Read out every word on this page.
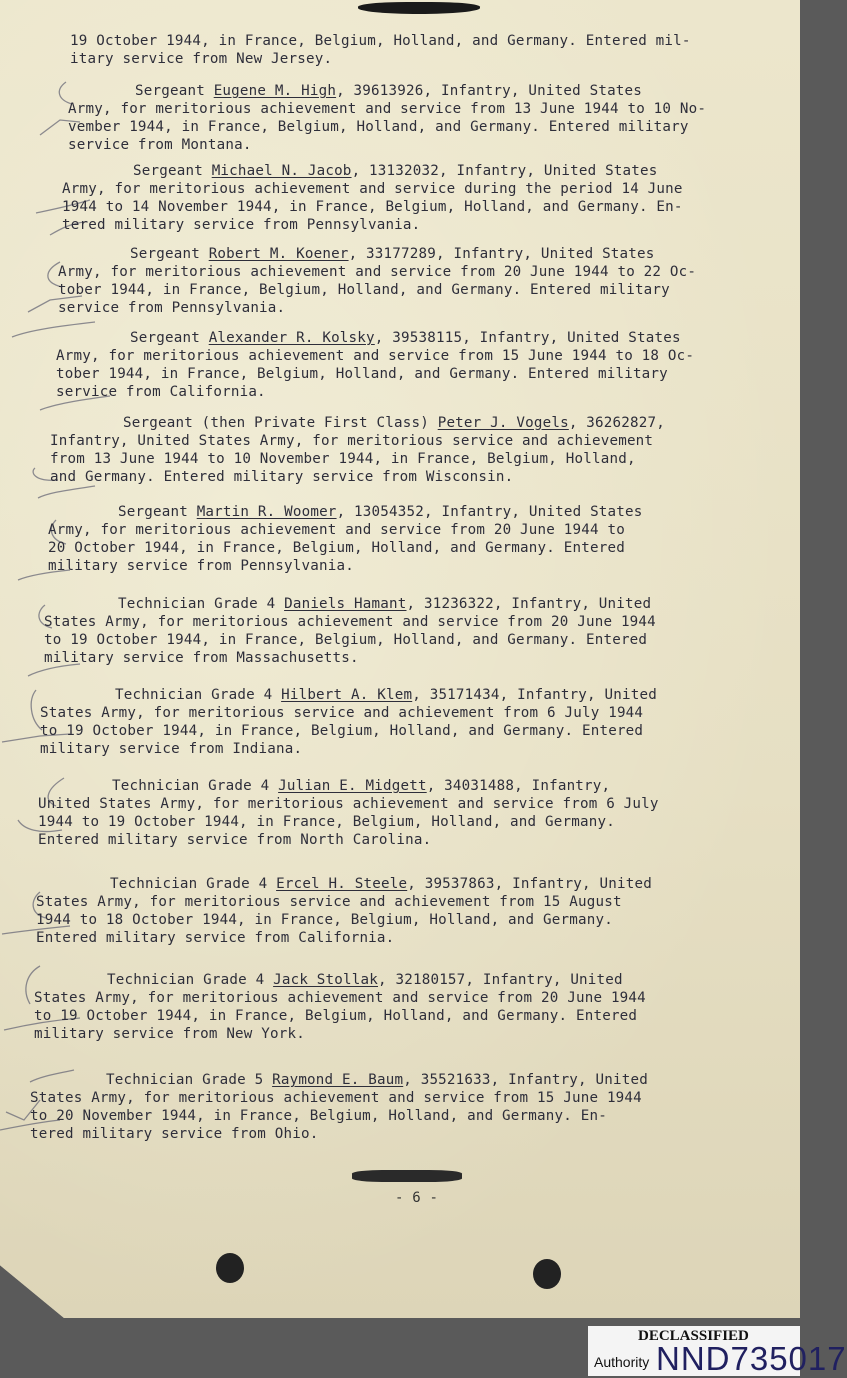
19 October 1944, in France, Belgium, Holland, and Germany. Entered mil-
itary service from New Jersey.
Sergeant Eugene M. High, 39613926, Infantry, United States
Army, for meritorious achievement and service from 13 June 1944 to 10 No-
vember 1944, in France, Belgium, Holland, and Germany. Entered military
service from Montana.
Sergeant Michael N. Jacob, 13132032, Infantry, United States
Army, for meritorious achievement and service during the period 14 June
1944 to 14 November 1944, in France, Belgium, Holland, and Germany. En-
tered military service from Pennsylvania.
Sergeant Robert M. Koener, 33177289, Infantry, United States
Army, for meritorious achievement and service from 20 June 1944 to 22 Oc-
tober 1944, in France, Belgium, Holland, and Germany. Entered military
service from Pennsylvania.
Sergeant Alexander R. Kolsky, 39538115, Infantry, United States
Army, for meritorious achievement and service from 15 June 1944 to 18 Oc-
tober 1944, in France, Belgium, Holland, and Germany. Entered military
service from California.
Sergeant (then Private First Class) Peter J. Vogels, 36262827,
Infantry, United States Army, for meritorious service and achievement
from 13 June 1944 to 10 November 1944, in France, Belgium, Holland,
and Germany. Entered military service from Wisconsin.
Sergeant Martin R. Woomer, 13054352, Infantry, United States
Army, for meritorious achievement and service from 20 June 1944 to
20 October 1944, in France, Belgium, Holland, and Germany. Entered
military service from Pennsylvania.
Technician Grade 4 Daniels Hamant, 31236322, Infantry, United
States Army, for meritorious achievement and service from 20 June 1944
to 19 October 1944, in France, Belgium, Holland, and Germany. Entered
military service from Massachusetts.
Technician Grade 4 Hilbert A. Klem, 35171434, Infantry, United
States Army, for meritorious service and achievement from 6 July 1944
to 19 October 1944, in France, Belgium, Holland, and Germany. Entered
military service from Indiana.
Technician Grade 4 Julian E. Midgett, 34031488, Infantry,
United States Army, for meritorious achievement and service from 6 July
1944 to 19 October 1944, in France, Belgium, Holland, and Germany.
Entered military service from North Carolina.
Technician Grade 4 Ercel H. Steele, 39537863, Infantry, United
States Army, for meritorious service and achievement from 15 August
1944 to 18 October 1944, in France, Belgium, Holland, and Germany.
Entered military service from California.
Technician Grade 4 Jack Stollak, 32180157, Infantry, United
States Army, for meritorious achievement and service from 20 June 1944
to 19 October 1944, in France, Belgium, Holland, and Germany. Entered
military service from New York.
Technician Grade 5 Raymond E. Baum, 35521633, Infantry, United
States Army, for meritorious achievement and service from 15 June 1944
to 20 November 1944, in France, Belgium, Holland, and Germany. En-
tered military service from Ohio.
- 6 -
DECLASSIFIED
Authority NND735017
